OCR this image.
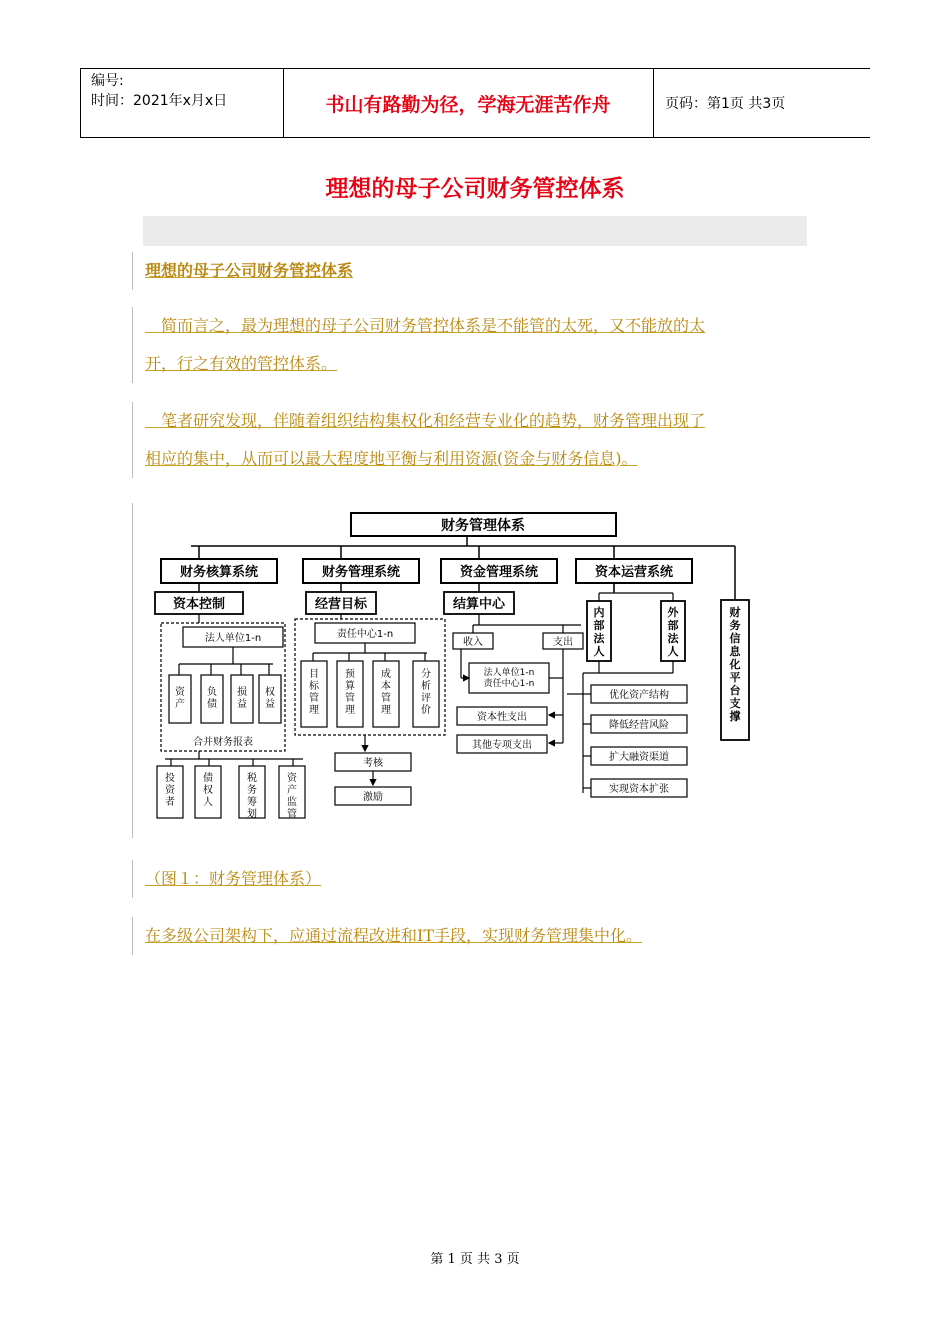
编号:
时间：2021年x月x日	书山有路勤为径，学海无涯苦作舟	页码：第1页 共3页
理想的母子公司财务管控体系
理想的母子公司财务管控体系
　简而言之，最为理想的母子公司财务管控体系是不能管的太死，又不能放的太
开，行之有效的管控体系。
　笔者研究发现，伴随着组织结构集权化和经营专业化的趋势，财务管理出现了
相应的集中，从而可以最大程度地平衡与利用资源(资金与财务信息)。
财务管理体系
财务核算系统	财务管理系统	资金管理系统	资本运营系统
资本控制	经营目标	结算中心
法人单位1-n
资产
负债
损益
权益
合并财务报表
投资者
债权人
税务筹划
资产监管
责任中心1-n
目标管理
预算管理
成本管理
分析评价
考核
激励
收入	支出
法人单位1-n 责任中心1-n
资本性支出
其他专项支出
内部法人
外部法人
优化资产结构
降低经营风险
扩大融资渠道
实现资本扩张
财务信息化平台支撑
（图１：财务管理体系）
在多级公司架构下，应通过流程改进和IT手段，实现财务管理集中化。
第 1 页 共 3 页
